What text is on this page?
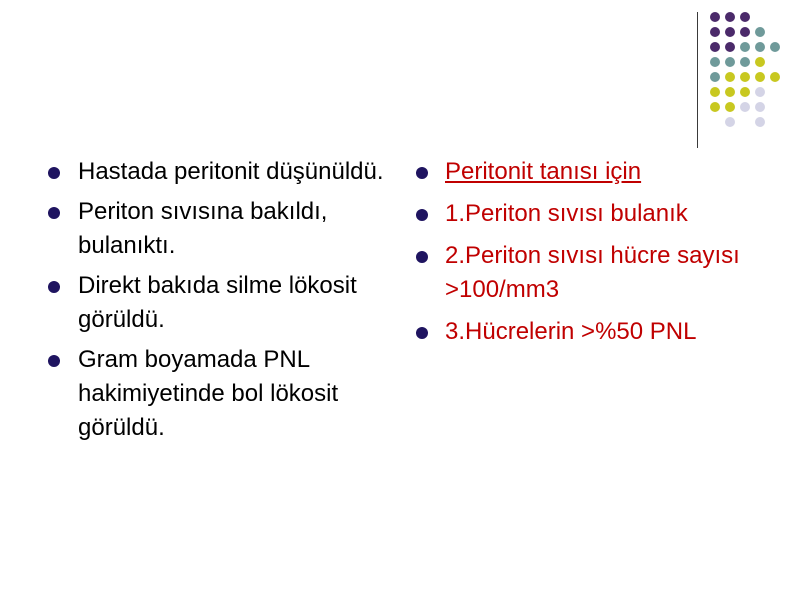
Hastada peritonit düşünüldü.
Periton sıvısına bakıldı, bulanıktı.
Direkt bakıda silme lökosit görüldü.
Gram boyamada PNL hakimiyetinde bol lökosit görüldü.
Peritonit tanısı için
1.Periton sıvısı bulanık
2.Periton sıvısı hücre sayısı >100/mm3
3.Hücrelerin >%50 PNL
